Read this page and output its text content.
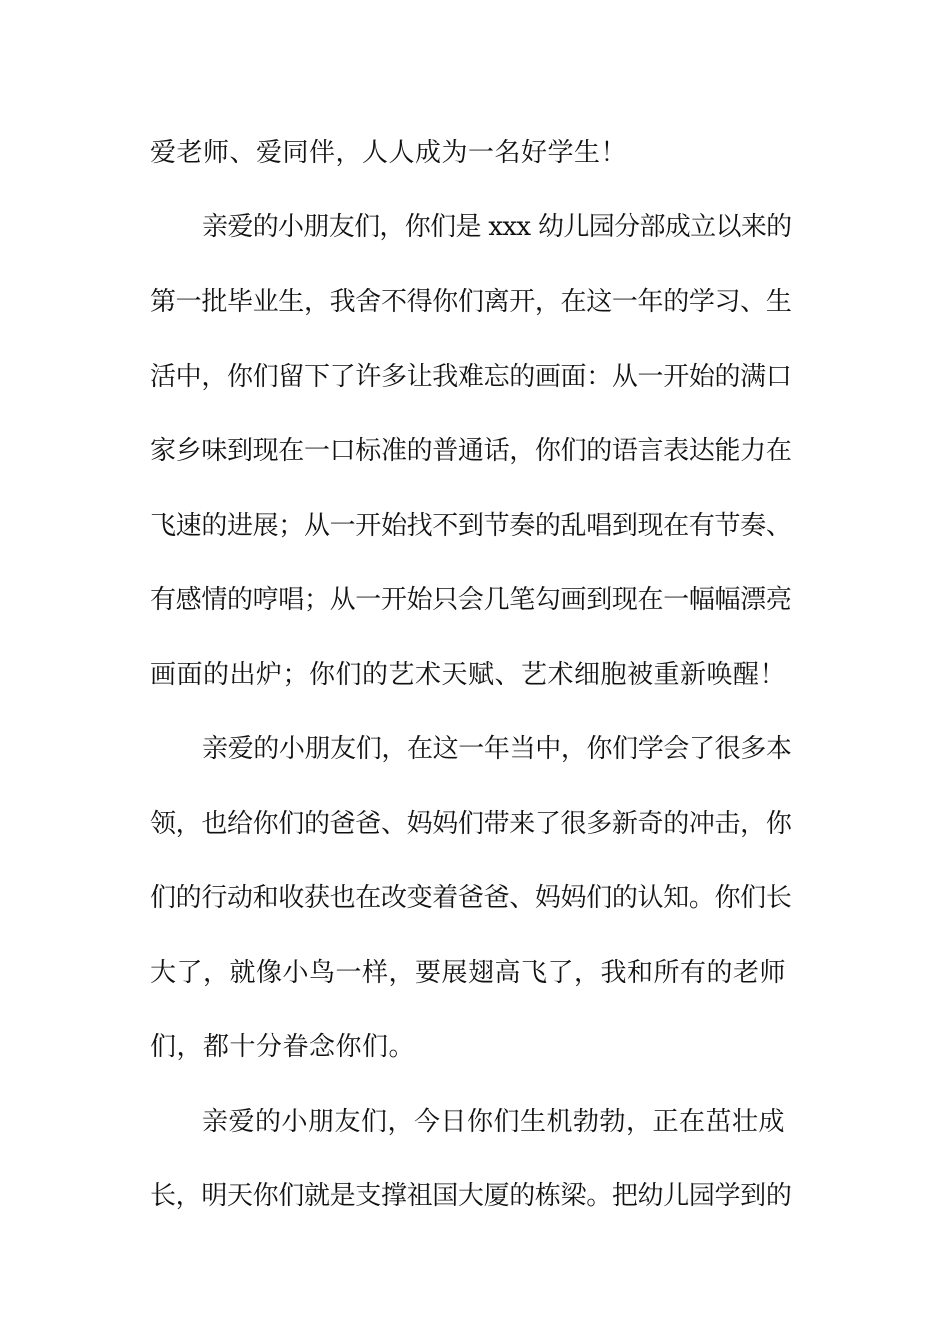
爱老师、爱同伴，人人成为一名好学生！
亲爱的小朋友们，你们是 xxx 幼儿园分部成立以来的
第一批毕业生，我舍不得你们离开，在这一年的学习、生
活中，你们留下了许多让我难忘的画面：从一开始的满口
家乡味到现在一口标准的普通话，你们的语言表达能力在
飞速的进展；从一开始找不到节奏的乱唱到现在有节奏、
有感情的哼唱；从一开始只会几笔勾画到现在一幅幅漂亮
画面的出炉；你们的艺术天赋、艺术细胞被重新唤醒！
亲爱的小朋友们，在这一年当中，你们学会了很多本
领，也给你们的爸爸、妈妈们带来了很多新奇的冲击，你
们的行动和收获也在改变着爸爸、妈妈们的认知。你们长
大了，就像小鸟一样，要展翅高飞了，我和所有的老师
们，都十分眷念你们。
亲爱的小朋友们，今日你们生机勃勃，正在茁壮成
长，明天你们就是支撑祖国大厦的栋梁。把幼儿园学到的
